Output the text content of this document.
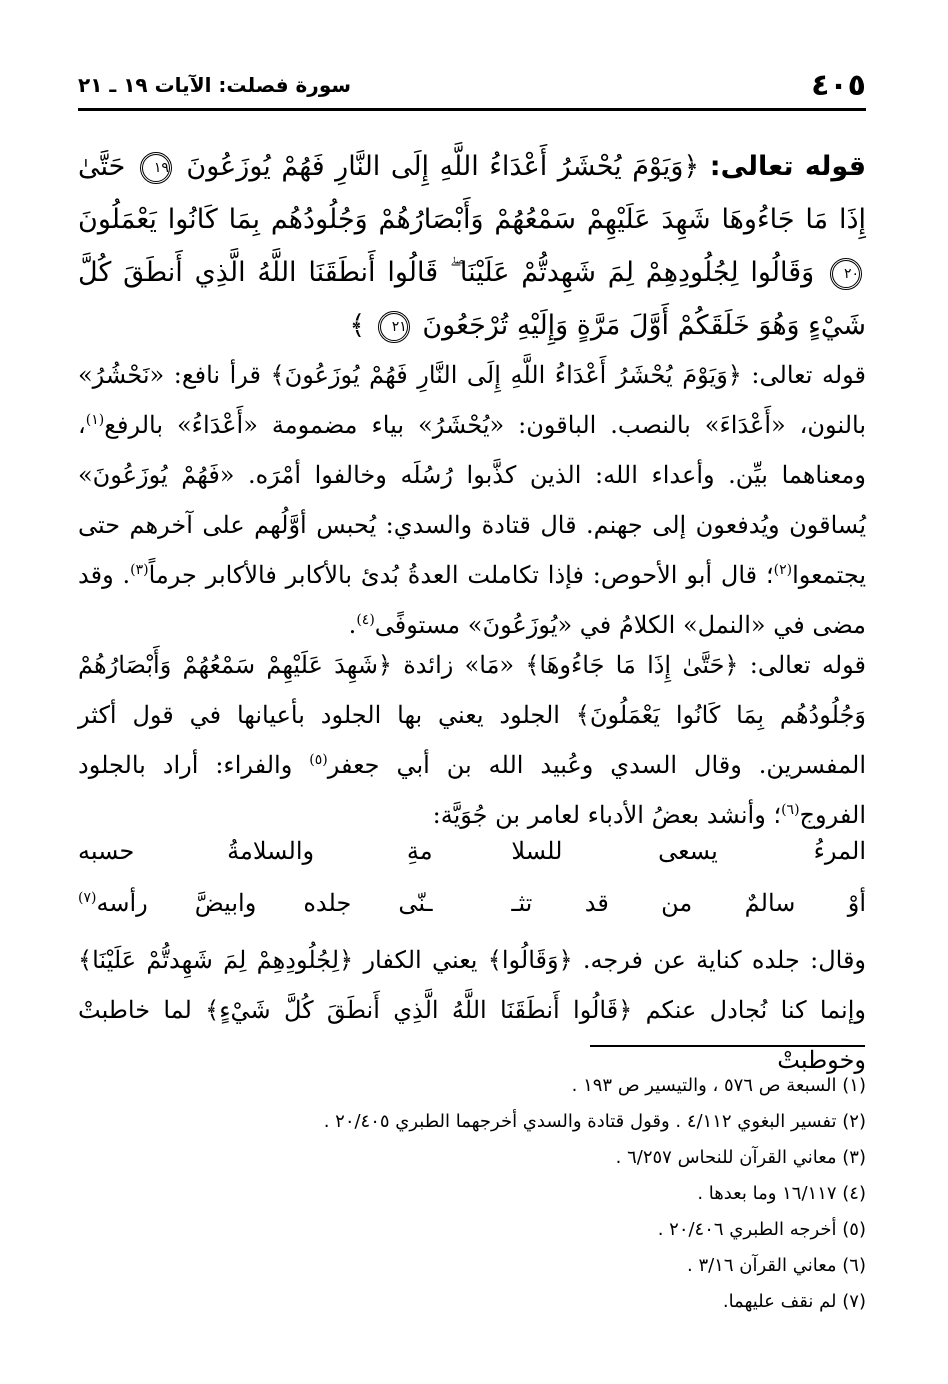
٤٠٥
سورة فصلت: الآيات ١٩ ـ ٢١
قوله تعالى: ﴿وَيَوْمَ يُحْشَرُ أَعْدَاءُ اللَّهِ إِلَى النَّارِ فَهُمْ يُوزَعُونَ ١٩ حَتَّىٰ إِذَا مَا جَاءُوهَا شَهِدَ عَلَيْهِمْ سَمْعُهُمْ وَأَبْصَارُهُمْ وَجُلُودُهُم بِمَا كَانُوا يَعْمَلُونَ ٢٠ وَقَالُوا لِجُلُودِهِمْ لِمَ شَهِدتُّمْ عَلَيْنَا ۖ قَالُوا أَنطَقَنَا اللَّهُ الَّذِي أَنطَقَ كُلَّ شَيْءٍ وَهُوَ خَلَقَكُمْ أَوَّلَ مَرَّةٍ وَإِلَيْهِ تُرْجَعُونَ ٢١ ﴾
قوله تعالى: ﴿وَيَوْمَ يُحْشَرُ أَعْدَاءُ اللَّهِ إِلَى النَّارِ فَهُمْ يُوزَعُونَ﴾ قرأ نافع: «نَحْشُرُ» بالنون، «أَعْدَاءَ» بالنصب. الباقون: «يُحْشَرُ» بياء مضمومة «أَعْدَاءُ» بالرفع$^{(١)}$، ومعناهما بيِّن. وأعداء الله: الذين كذَّبوا رُسُلَه وخالفوا أمْرَه. «فَهُمْ يُوزَعُونَ» يُساقون ويُدفعون إلى جهنم. قال قتادة والسدي: يُحبس أوَّلُهم على آخرهم حتى يجتمعوا$^{(٢)}$؛ قال أبو الأحوص: فإذا تكاملت العدةُ بُدئ بالأكابر فالأكابر جرماً$^{(٣)}$. وقد مضى في «النمل» الكلامُ في «يُوزَعُونَ» مستوفًى$^{(٤)}$.
قوله تعالى: ﴿حَتَّىٰ إِذَا مَا جَاءُوهَا﴾ «مَا» زائدة ﴿شَهِدَ عَلَيْهِمْ سَمْعُهُمْ وَأَبْصَارُهُمْ وَجُلُودُهُم بِمَا كَانُوا يَعْمَلُونَ﴾ الجلود يعني بها الجلود بأعيانها في قول أكثر المفسرين. وقال السدي وعُبيد الله بن أبي جعفر$^{(٥)}$ والفراء: أراد بالجلود الفروج$^{(٦)}$؛ وأنشد بعضُ الأدباء لعامر بن جُوَيَّة:
المرءُ يسعى للسلا
مةِ والسلامةُ حسبه
أوْ سالمٌ من قد تثـ
ـنّى جلده وابيضَّ رأسه$^{(٧)}$
وقال: جلده كناية عن فرجه. ﴿وَقَالُوا﴾ يعني الكفار ﴿لِجُلُودِهِمْ لِمَ شَهِدتُّمْ عَلَيْنَا﴾ وإنما كنا نُجادل عنكم ﴿قَالُوا أَنطَقَنَا اللَّهُ الَّذِي أَنطَقَ كُلَّ شَيْءٍ﴾ لما خاطبتْ وخوطبتْ
(١) السبعة ص ٥٧٦ ، والتيسير ص ١٩٣ .
(٢) تفسير البغوي ٤/١١٢ . وقول قتادة والسدي أخرجهما الطبري ٢٠/٤٠٥ .
(٣) معاني القرآن للنحاس ٦/٢٥٧ .
(٤) ١٦/١١٧ وما بعدها .
(٥) أخرجه الطبري ٢٠/٤٠٦ .
(٦) معاني القرآن ٣/١٦ .
(٧) لم نقف عليهما.
